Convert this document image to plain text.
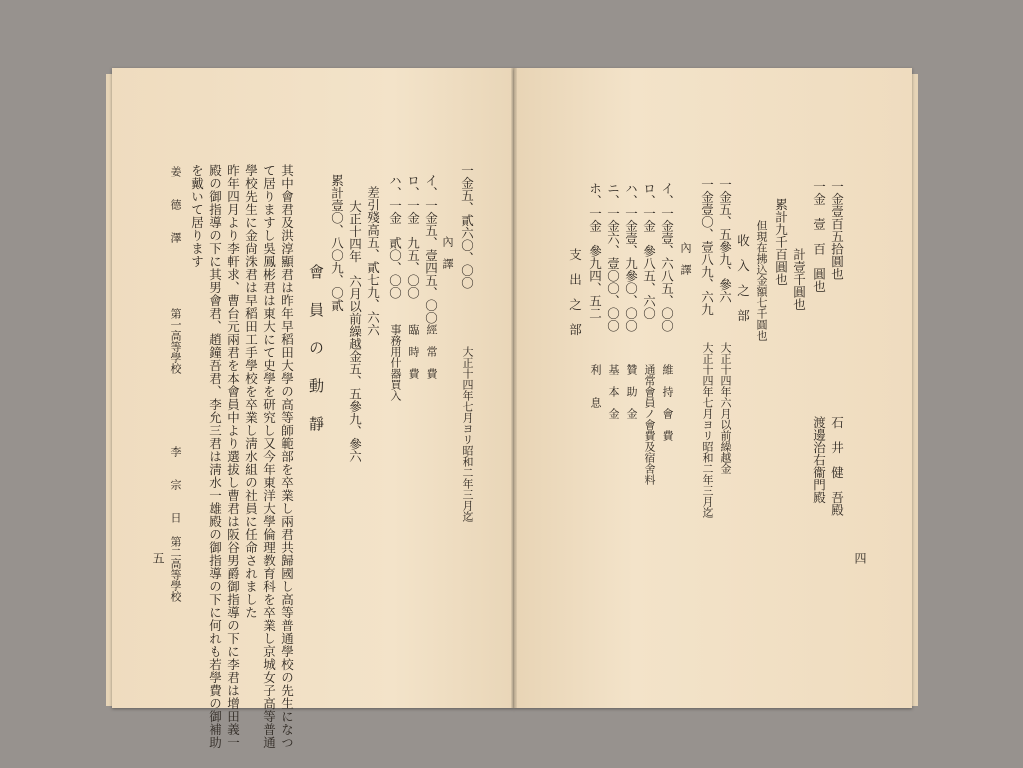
一金五、貳六〇、〇〇
大正十四年七月ヨリ昭和二年三月迄
內　譯
イ、一金五、壹四五、〇〇
經　常　費
ロ、一金　九五、〇〇
臨　時　費
ハ、一金　貳〇、〇〇
事務用什器買入
差引殘高五、貳七九、六六
大正十四年　六月以前繰越金五、五參九、參六
累計壹〇、八〇九、〇貳
會　員　の　動　靜
其中會君及洪淳顯君は昨年早稻田大學の高等師範部を卒業し兩君共歸國し高等普通學校の先生になつ
て居りますし吳鳳彬君は東大にて史學を研究し又今年東洋大學倫理教育科を卒業し京城女子高等普通
學校先生に金尙洙君は早稻田工手學校を卒業し淸水組の社員に任命されました
昨年四月より李軒求、曹台元兩君を本會員中より選拔し曹君は阪谷男爵御指導の下に李君は增田義一
殿の御指導の下に其男會君、趙鐘吾君、李允三君は淸水一雄殿の御指導の下に何れも若學費の御補助
を戴いて居ります
姜　　德　　澤
第一高等學校
李　　宗　　日
第二高等學校
五
一金壹百五拾圓也
石　井　健　吾殿
一金　壹　百　圓也
渡邊治右衞門殿
計壹千圓也
累計九千百圓也
但現在拂込金額七千圓也
收　入　之　部
一金五、五參九、參六
大正十四年六月以前繰越金
一金壹〇、壹八九、六九
大正十四年七月ヨリ昭和二年三月迄
內　譯
イ、一金壹、六八五、〇〇
維　持　會　費
ロ、一金　參八五、六〇
通常會員ノ會費及宿舍料
ハ、一金壹、九參〇、〇〇
贊　助　金
ニ、一金六、壹〇〇、〇〇
基　本　金
ホ、一金　參九四、五二
利　　息
支　出　之　部
四
